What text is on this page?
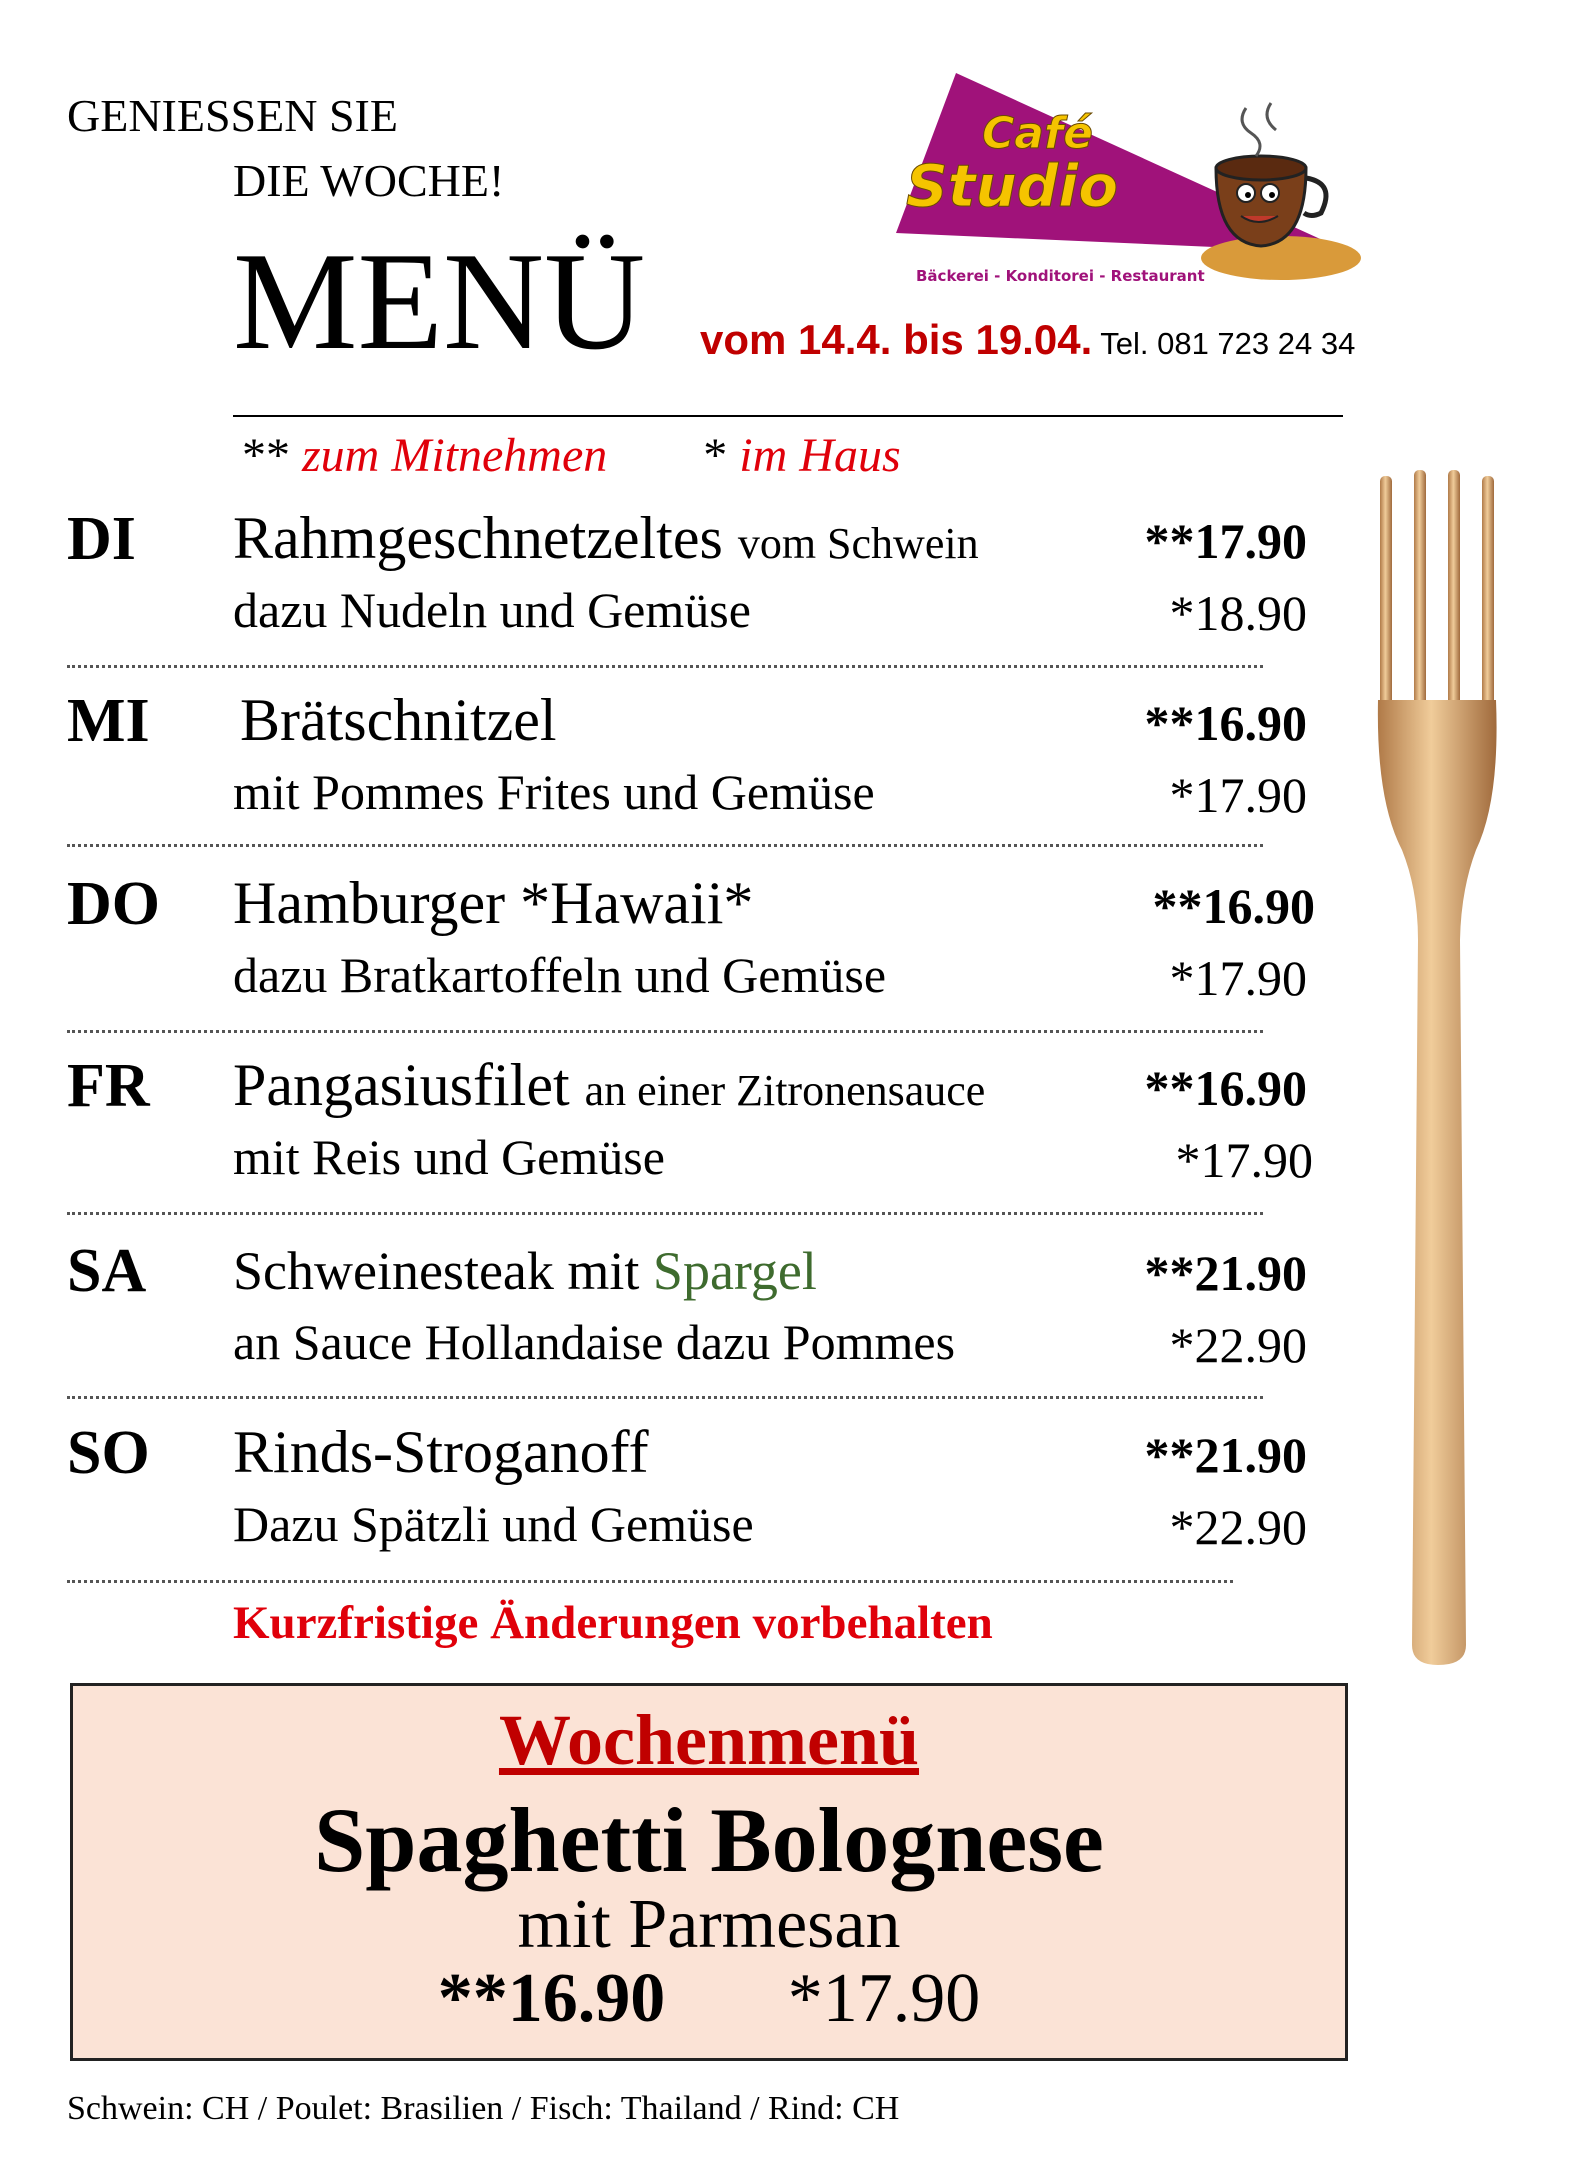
GENIESSEN SIE
DIE WOCHE!
MENÜ vom 14.4. bis 19.04. Tel. 081 723 24 34
Café
Studio
Bäckerei - Konditorei - Restaurant
** zum Mitnehmen * im Haus
DI Rahmgeschnetzeltes vom Schwein
dazu Nudeln und Gemüse
**17.90
*18.90
MI Brätschnitzel
mit Pommes Frites und Gemüse
**16.90
*17.90
DO Hamburger *Hawaii*
dazu Bratkartoffeln und Gemüse
**16.90
*17.90
FR Pangasiusfilet an einer Zitronensauce
mit Reis und Gemüse
**16.90
*17.90
SA Schweinesteak mit Spargel
an Sauce Hollandaise dazu Pommes
**21.90
*22.90
SO Rinds-Stroganoff
Dazu Spätzli und Gemüse
**21.90
*22.90
Kurzfristige Änderungen vorbehalten
Wochenmenü
Spaghetti Bolognese
mit Parmesan
**16.90 *17.90
Schwein: CH / Poulet: Brasilien / Fisch: Thailand / Rind: CH
